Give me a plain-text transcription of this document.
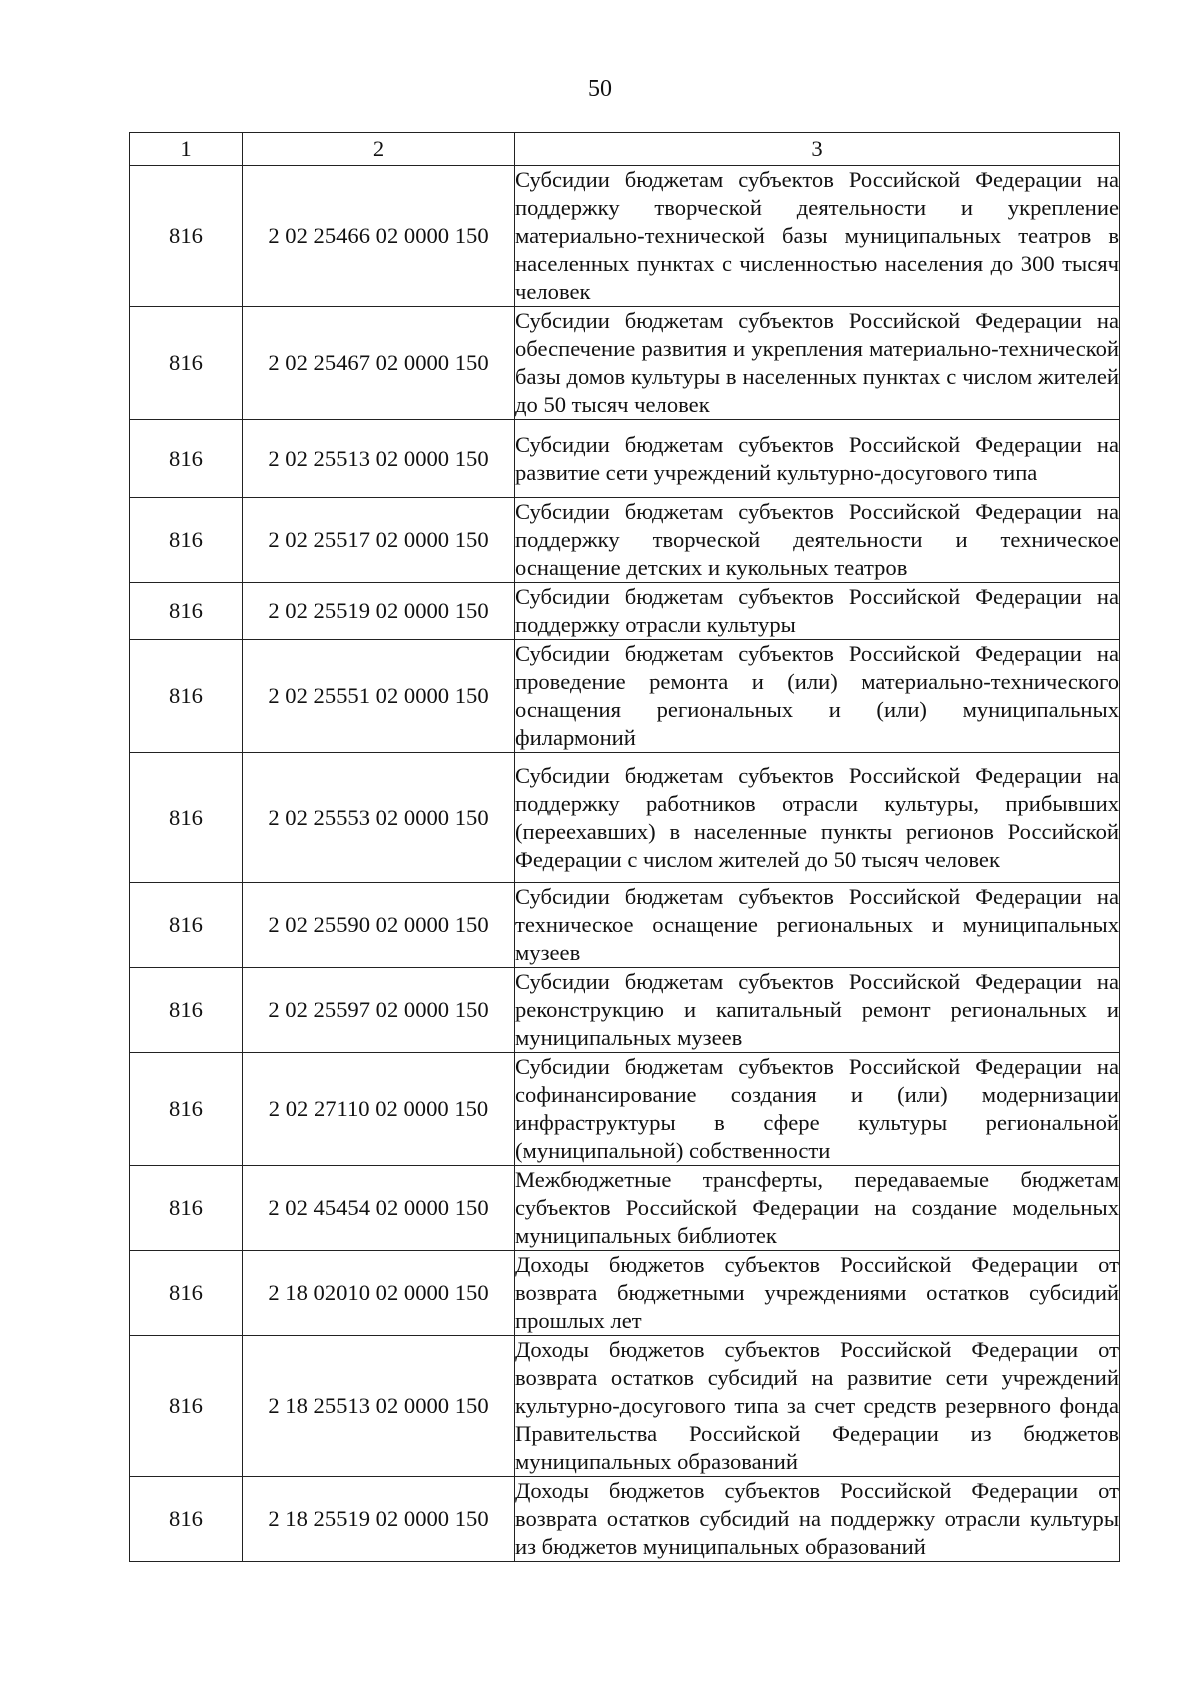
50
1	2	3
816	2 02 25466 02 0000 150	Субсидии бюджетам субъектов Российской Федерации на поддержку творческой деятельности и укрепление материально-технической базы муниципальных театров в населенных пунктах с численностью населения до 300 тысяч человек
816	2 02 25467 02 0000 150	Субсидии бюджетам субъектов Российской Федерации на обеспечение развития и укрепления материально-технической базы домов культуры в населенных пунктах с числом жителей до 50 тысяч человек
816	2 02 25513 02 0000 150	Субсидии бюджетам субъектов Российской Федерации на развитие сети учреждений культурно-досугового типа
816	2 02 25517 02 0000 150	Субсидии бюджетам субъектов Российской Федерации на поддержку творческой деятельности и техническое оснащение детских и кукольных театров
816	2 02 25519 02 0000 150	Субсидии бюджетам субъектов Российской Федерации на поддержку отрасли культуры
816	2 02 25551 02 0000 150	Субсидии бюджетам субъектов Российской Федерации на проведение ремонта и (или) материально-технического оснащения региональных и (или) муниципальных филармоний
816	2 02 25553 02 0000 150	Субсидии бюджетам субъектов Российской Федерации на поддержку работников отрасли культуры, прибывших (переехавших) в населенные пункты регионов Российской Федерации с числом жителей до 50 тысяч человек
816	2 02 25590 02 0000 150	Субсидии бюджетам субъектов Российской Федерации на техническое оснащение региональных и муниципальных музеев
816	2 02 25597 02 0000 150	Субсидии бюджетам субъектов Российской Федерации на реконструкцию и капитальный ремонт региональных и муниципальных музеев
816	2 02 27110 02 0000 150	Субсидии бюджетам субъектов Российской Федерации на софинансирование создания и (или) модернизации инфраструктуры в сфере культуры региональной (муниципальной) собственности
816	2 02 45454 02 0000 150	Межбюджетные трансферты, передаваемые бюджетам субъектов Российской Федерации на создание модельных муниципальных библиотек
816	2 18 02010 02 0000 150	Доходы бюджетов субъектов Российской Федерации от возврата бюджетными учреждениями остатков субсидий прошлых лет
816	2 18 25513 02 0000 150	Доходы бюджетов субъектов Российской Федерации от возврата остатков субсидий на развитие сети учреждений культурно-досугового типа за счет средств резервного фонда Правительства Российской Федерации из бюджетов муниципальных образований
816	2 18 25519 02 0000 150	Доходы бюджетов субъектов Российской Федерации от возврата остатков субсидий на поддержку отрасли культуры из бюджетов муниципальных образований
